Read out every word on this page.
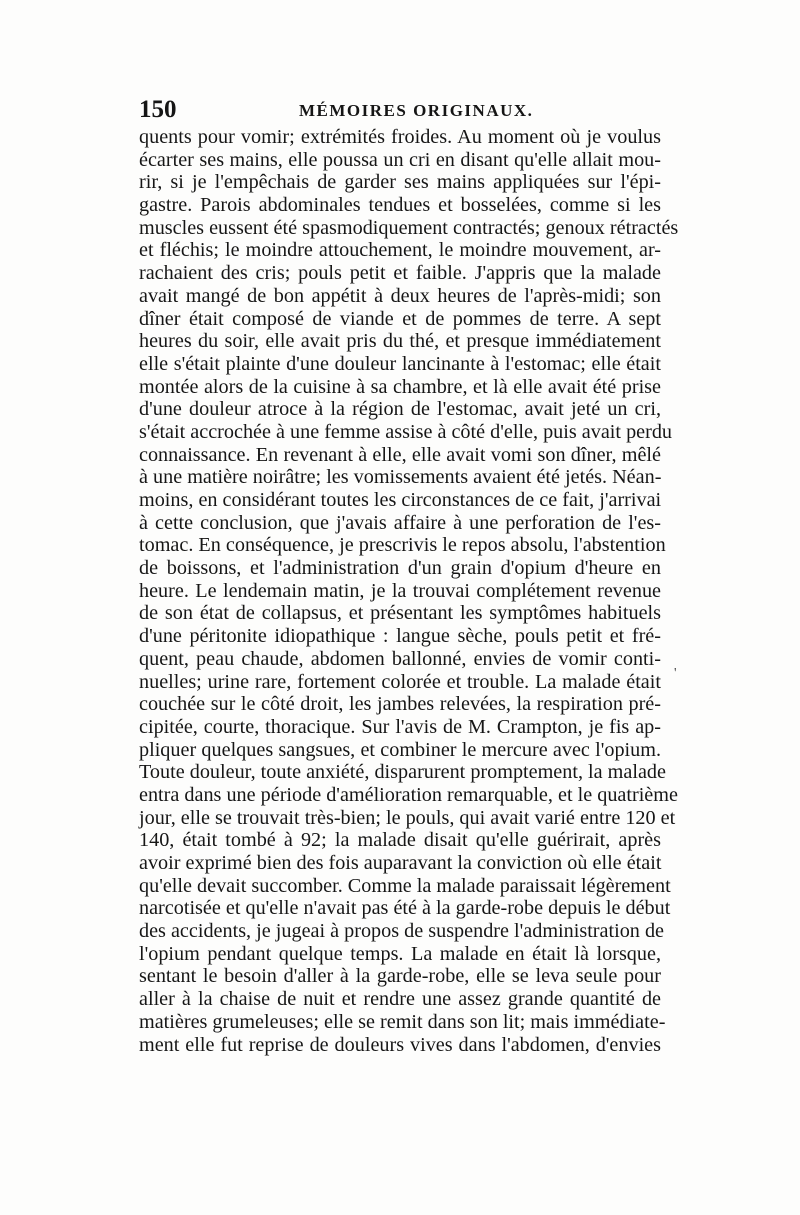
150	MÉMOIRES ORIGINAUX.
quents pour vomir; extrémités froides. Au moment où je voulus
écarter ses mains, elle poussa un cri en disant qu'elle allait mou-
rir, si je l'empêchais de garder ses mains appliquées sur l'épi-
gastre. Parois abdominales tendues et bosselées, comme si les
muscles eussent été spasmodiquement contractés; genoux rétractés
et fléchis; le moindre attouchement, le moindre mouvement, ar-
rachaient des cris; pouls petit et faible. J'appris que la malade
avait mangé de bon appétit à deux heures de l'après-midi; son
dîner était composé de viande et de pommes de terre. A sept
heures du soir, elle avait pris du thé, et presque immédiatement
elle s'était plainte d'une douleur lancinante à l'estomac; elle était
montée alors de la cuisine à sa chambre, et là elle avait été prise
d'une douleur atroce à la région de l'estomac, avait jeté un cri,
s'était accrochée à une femme assise à côté d'elle, puis avait perdu
connaissance. En revenant à elle, elle avait vomi son dîner, mêlé
à une matière noirâtre; les vomissements avaient été jetés. Néan-
moins, en considérant toutes les circonstances de ce fait, j'arrivai
à cette conclusion, que j'avais affaire à une perforation de l'es-
tomac. En conséquence, je prescrivis le repos absolu, l'abstention
de boissons, et l'administration d'un grain d'opium d'heure en
heure. Le lendemain matin, je la trouvai complétement revenue
de son état de collapsus, et présentant les symptômes habituels
d'une péritonite idiopathique : langue sèche, pouls petit et fré-
quent, peau chaude, abdomen ballonné, envies de vomir conti-
nuelles; urine rare, fortement colorée et trouble. La malade était
couchée sur le côté droit, les jambes relevées, la respiration pré-
cipitée, courte, thoracique. Sur l'avis de M. Crampton, je fis ap-
pliquer quelques sangsues, et combiner le mercure avec l'opium.
Toute douleur, toute anxiété, disparurent promptement, la malade
entra dans une période d'amélioration remarquable, et le quatrième
jour, elle se trouvait très-bien; le pouls, qui avait varié entre 120 et
140, était tombé à 92; la malade disait qu'elle guérirait, après
avoir exprimé bien des fois auparavant la conviction où elle était
qu'elle devait succomber. Comme la malade paraissait légèrement
narcotisée et qu'elle n'avait pas été à la garde-robe depuis le début
des accidents, je jugeai à propos de suspendre l'administration de
l'opium pendant quelque temps. La malade en était là lorsque,
sentant le besoin d'aller à la garde-robe, elle se leva seule pour
aller à la chaise de nuit et rendre une assez grande quantité de
matières grumeleuses; elle se remit dans son lit; mais immédiate-
ment elle fut reprise de douleurs vives dans l'abdomen, d'envies
'
